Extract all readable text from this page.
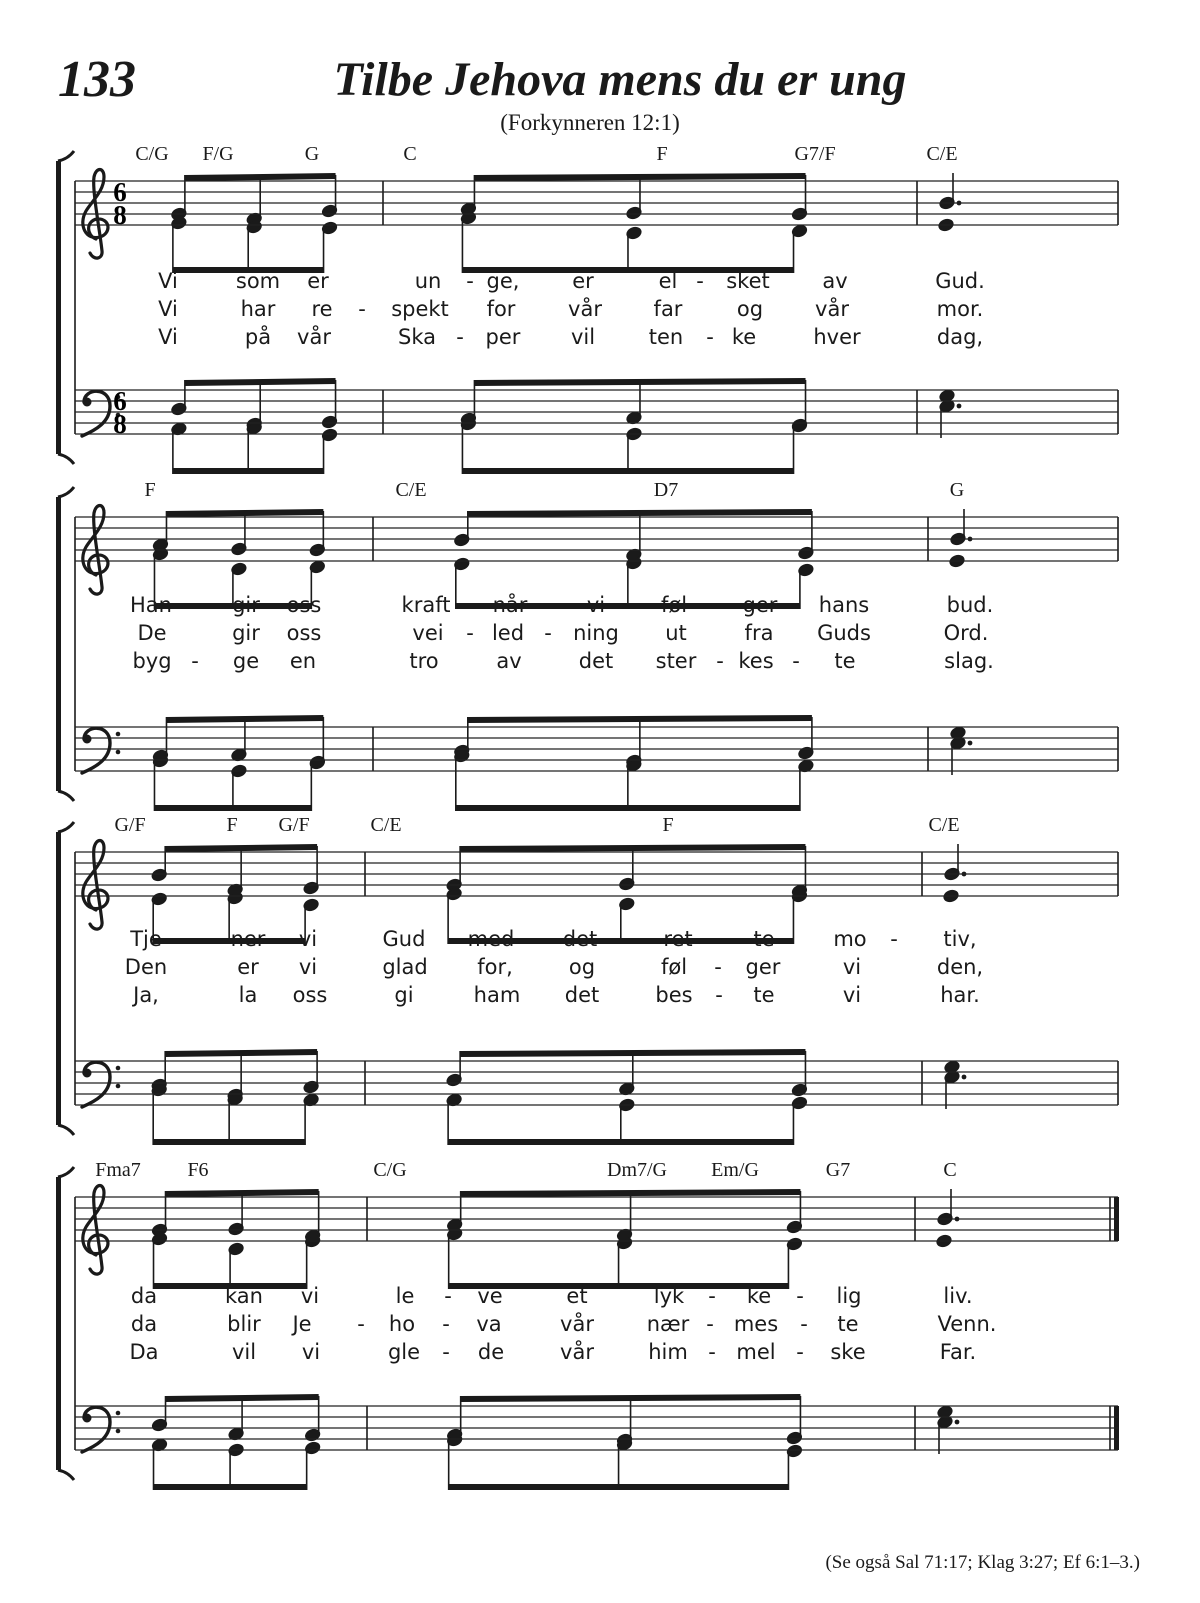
133	Tilbe Jehova mens du er ung
(Forkynneren 12:1)
C/G F/G	G	C	F	G7/F	C/E
Vi	som er	un - ge,	er	el - sket	av	Gud.
Vi	har re - spekt for	vår far	og vår	mor.
Vi	på vår	Ska - per vil	ten - ke	hver	dag,
6
8
6
8
F	C/E	D7	G
Han	gir oss	kraft når	vi	føl - ger hans	bud.
De	gir oss	vei - led - ning ut	fra Guds	Ord.
byg - ge en	tro	av	det ster - kes - te	slag.
G/F	F G/F	C/E	F	C/E
Tje - ner vi	Gud med det	ret - te	mo - tiv,
Den	er vi	glad for,	og	føl - ger	vi	den,
Ja,	la oss	gi	ham det	bes - te	vi	har.
Fma7 F6	C/G	Dm7/G Em/G	G7	C
da	kan vi	le - ve	et	lyk - ke - lig	liv.
da	blir Je - ho - va	vår	nær - mes - te	Venn.
Da	vil vi	gle - de	vår	him - mel - ske	Far.
(Se også Sal 71:17; Klag 3:27; Ef 6:1–3.)
